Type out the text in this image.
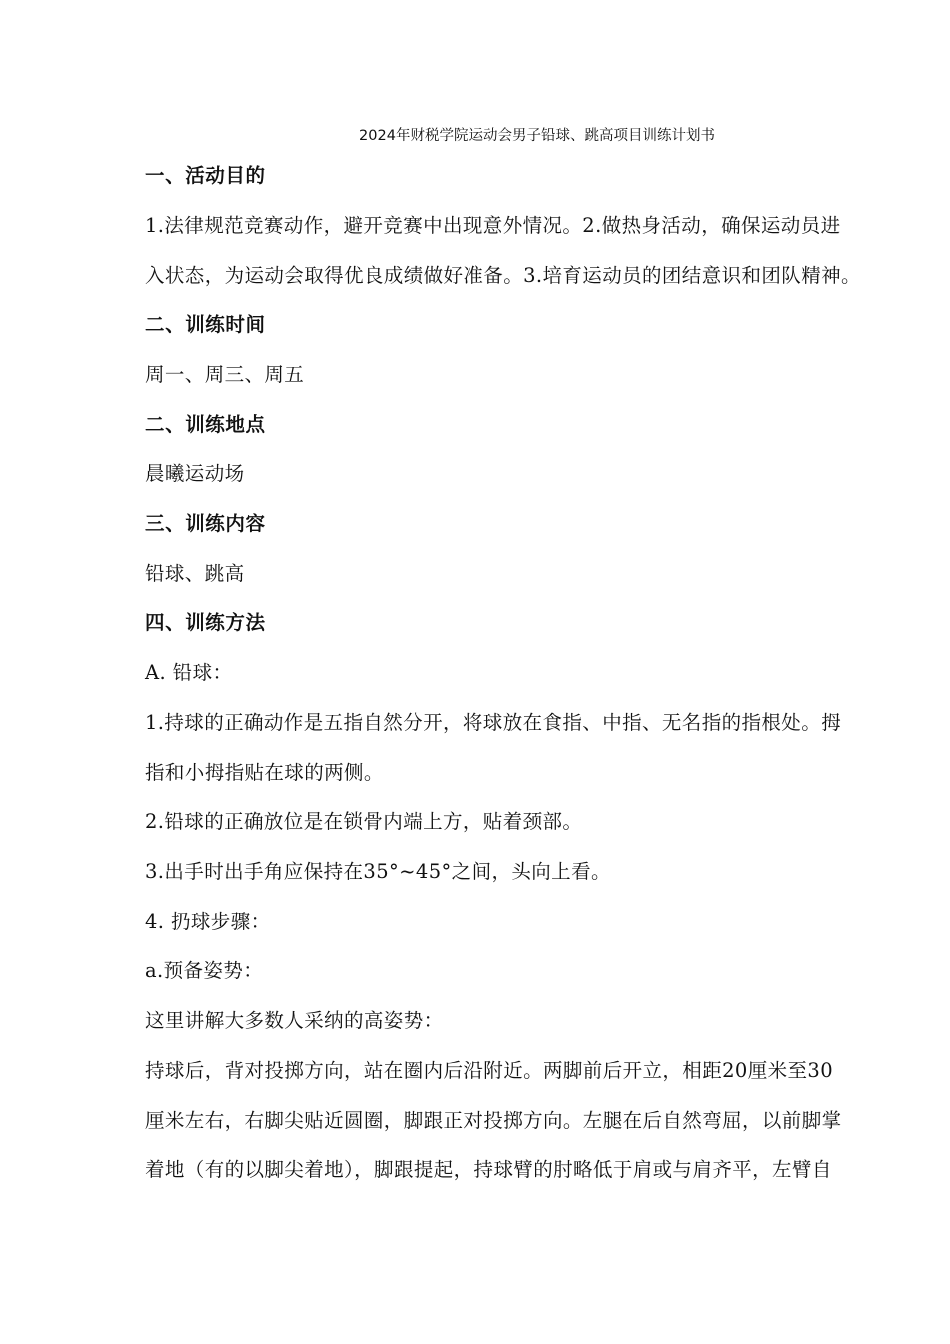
2024年财税学院运动会男子铅球、跳高项目训练计划书
一、活动目的
1.法律规范竞赛动作，避开竞赛中出现意外情况。2.做热身活动，确保运动员进
入状态，为运动会取得优良成绩做好准备。3.培育运动员的团结意识和团队精神。
二、训练时间
周一、周三、周五
二、训练地点
晨曦运动场
三、训练内容
铅球、跳高
四、训练方法
A. 铅球：
1.持球的正确动作是五指自然分开，将球放在食指、中指、无名指的指根处。拇
指和小拇指贴在球的两侧。
2.铅球的正确放位是在锁骨内端上方，贴着颈部。
3.出手时出手角应保持在35°~45°之间，头向上看。
4. 扔球步骤：
a.预备姿势：
这里讲解大多数人采纳的高姿势：
持球后，背对投掷方向，站在圈内后沿附近。两脚前后开立，相距20厘米至30
厘米左右，右脚尖贴近圆圈，脚跟正对投掷方向。左腿在后自然弯屈，以前脚掌
着地（有的以脚尖着地），脚跟提起，持球臂的肘略低于肩或与肩齐平，左臂自
